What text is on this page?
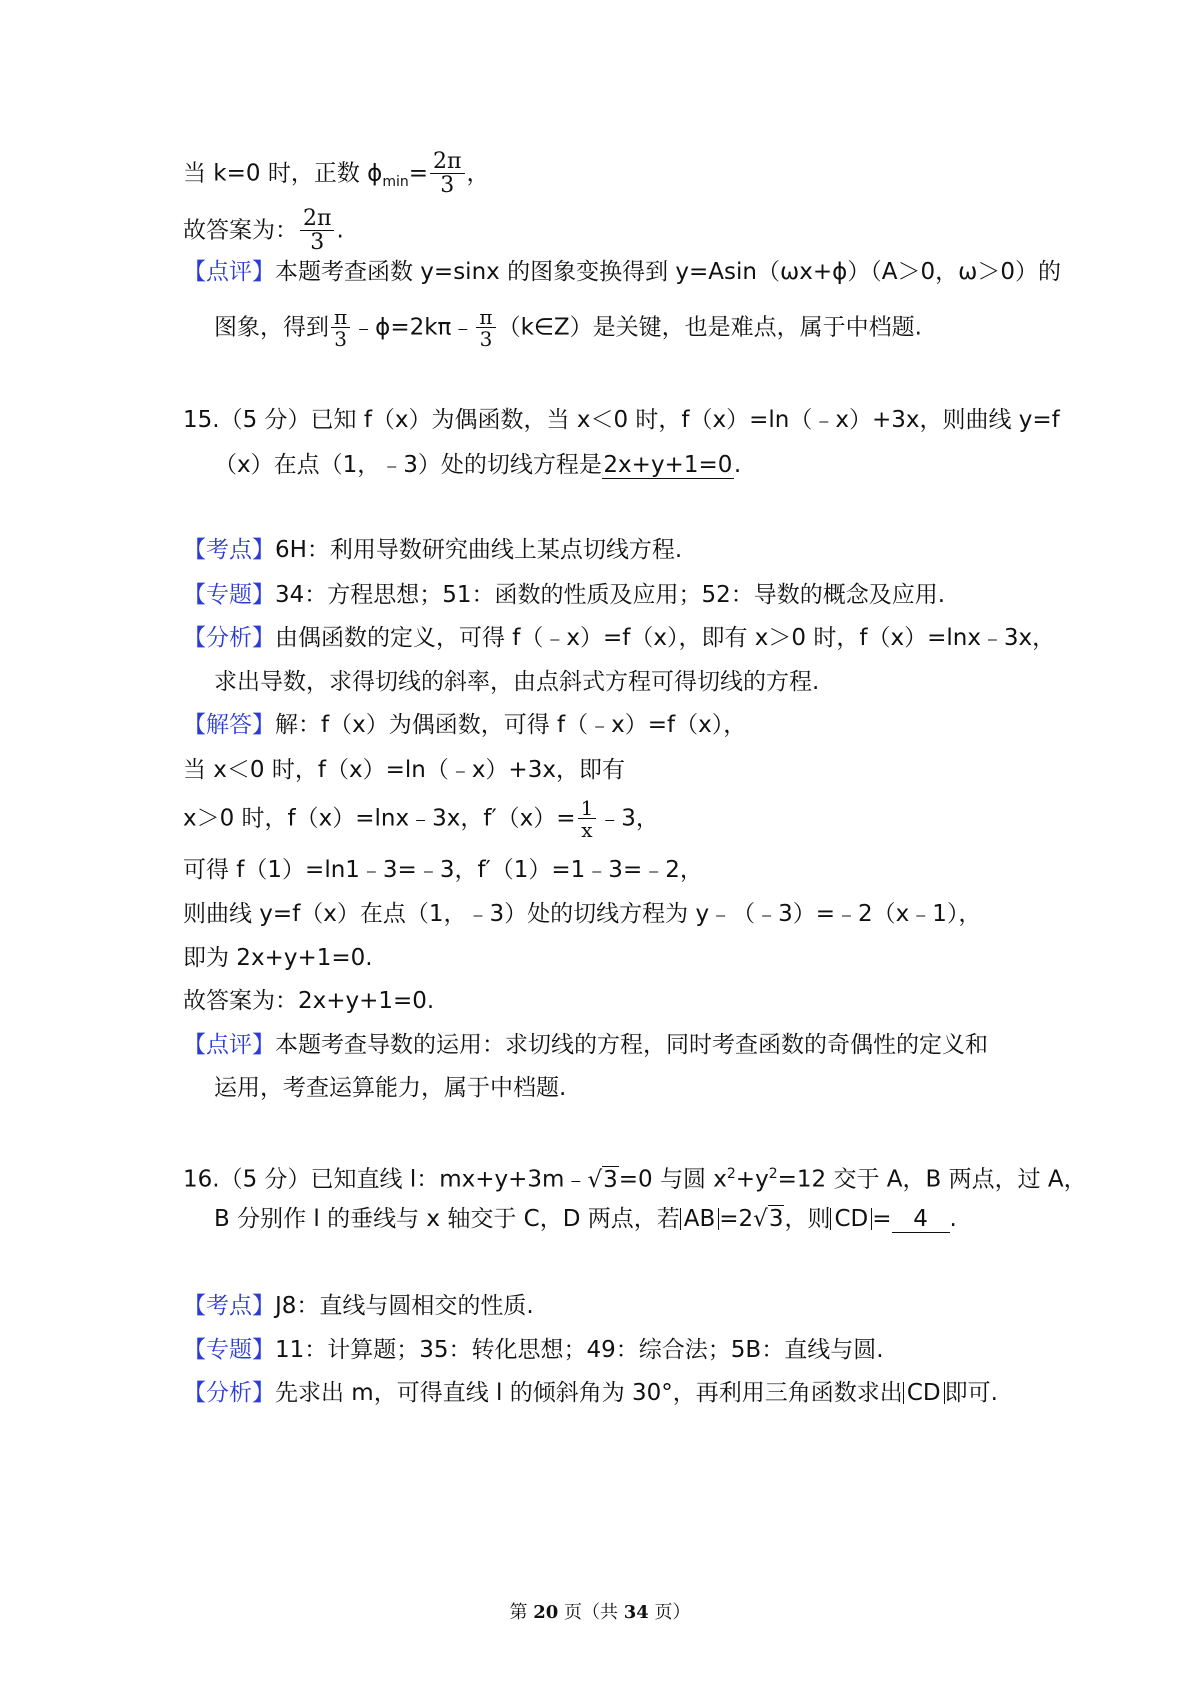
当 k=0 时，正数 $\phi_{min}= \frac{2\pi}{3}$ ，
故答案为： $\frac{2\pi}{3}$ .
【点评】本题考查函数 y=sinx 的图象变换得到 y=Asin（ωx+ϕ）（A＞0，ω＞0）的
图象，得到 $\frac{\pi}{3}$ ﹣ϕ=2kπ﹣ $\frac{\pi}{3}$ （k∈Z）是关键，也是难点，属于中档题.
15.（5 分）已知 f（x）为偶函数，当 x＜0 时，f（x）=ln（﹣x）+3x，则曲线 y=f
（x）在点（1，﹣3）处的切线方程是2x+y+1=0.
【考点】6H：利用导数研究曲线上某点切线方程.
【专题】34：方程思想；51：函数的性质及应用；52：导数的概念及应用.
【分析】由偶函数的定义，可得 f（﹣x）=f（x），即有 x＞0 时，f（x）=lnx﹣3x，
求出导数，求得切线的斜率，由点斜式方程可得切线的方程.
【解答】解：f（x）为偶函数，可得 f（﹣x）=f（x），
当 x＜0 时，f（x）=ln（﹣x）+3x，即有
x＞0 时，f（x）=lnx﹣3x，$f'(x)= \frac{1}{x}$ ﹣3，
可得 f（1）=ln1﹣3=﹣3，f′（1）=1﹣3=﹣2，
则曲线 y=f（x）在点（1，﹣3）处的切线方程为 y﹣（﹣3）=﹣2（x﹣1），
即为 2x+y+1=0.
故答案为：2x+y+1=0.
【点评】本题考查导数的运用：求切线的方程，同时考查函数的奇偶性的定义和
运用，考查运算能力，属于中档题.
16.（5 分）已知直线 l：mx+y+3m﹣√3=0 与圆 $x^2+y^2=12$ 交于 A，B 两点，过 A，
B 分别作 l 的垂线与 x 轴交于 C，D 两点，若 AB =2√3，则 CD = 4 .
【考点】J8：直线与圆相交的性质.
【专题】11：计算题；35：转化思想；49：综合法；5B：直线与圆.
【分析】先求出 m，可得直线 l 的倾斜角为 30°，再利用三角函数求出 CD 即可.
第 20 页（共 34 页）
